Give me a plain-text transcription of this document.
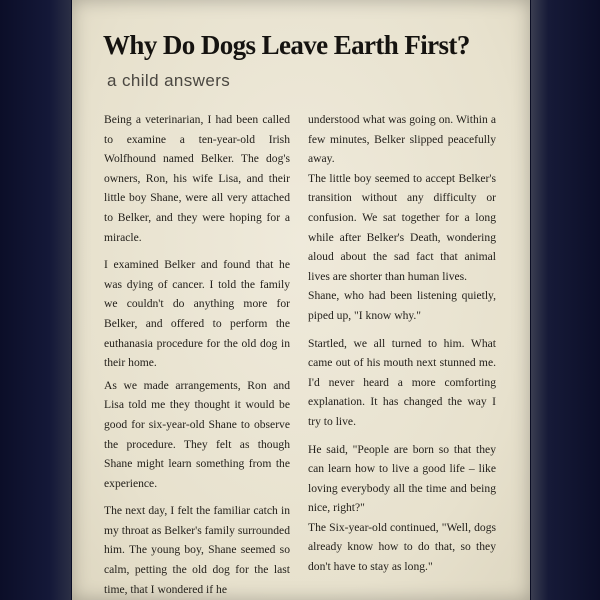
Why Do Dogs Leave Earth First?
a child answers

Being a veterinarian, I had been called to examine a ten-year-old Irish Wolfhound named Belker. The dog's owners, Ron, his wife Lisa, and their little boy Shane, were all very attached to Belker, and they were hoping for a miracle.

I examined Belker and found that he was dying of cancer. I told the family we couldn't do anything more for Belker, and offered to perform the euthanasia procedure for the old dog in their home.

As we made arrangements, Ron and Lisa told me they thought it would be good for six-year-old Shane to observe the procedure. They felt as though Shane might learn something from the experience.

The next day, I felt the familiar catch in my throat as Belker's family surrounded him. The young boy, Shane seemed so calm, petting the old dog for the last time, that I wondered if he

understood what was going on. Within a few minutes, Belker slipped peacefully away.

The little boy seemed to accept Belker's transition without any difficulty or confusion. We sat together for a long while after Belker's Death, wondering aloud about the sad fact that animal lives are shorter than human lives.

Shane, who had been listening quietly, piped up, "I know why."

Startled, we all turned to him. What came out of his mouth next stunned me. I'd never heard a more comforting explanation. It has changed the way I try to live.

He said, "People are born so that they can learn how to live a good life – like loving everybody all the time and being nice, right?"

The Six-year-old continued, "Well, dogs already know how to do that, so they don't have to stay as long."
